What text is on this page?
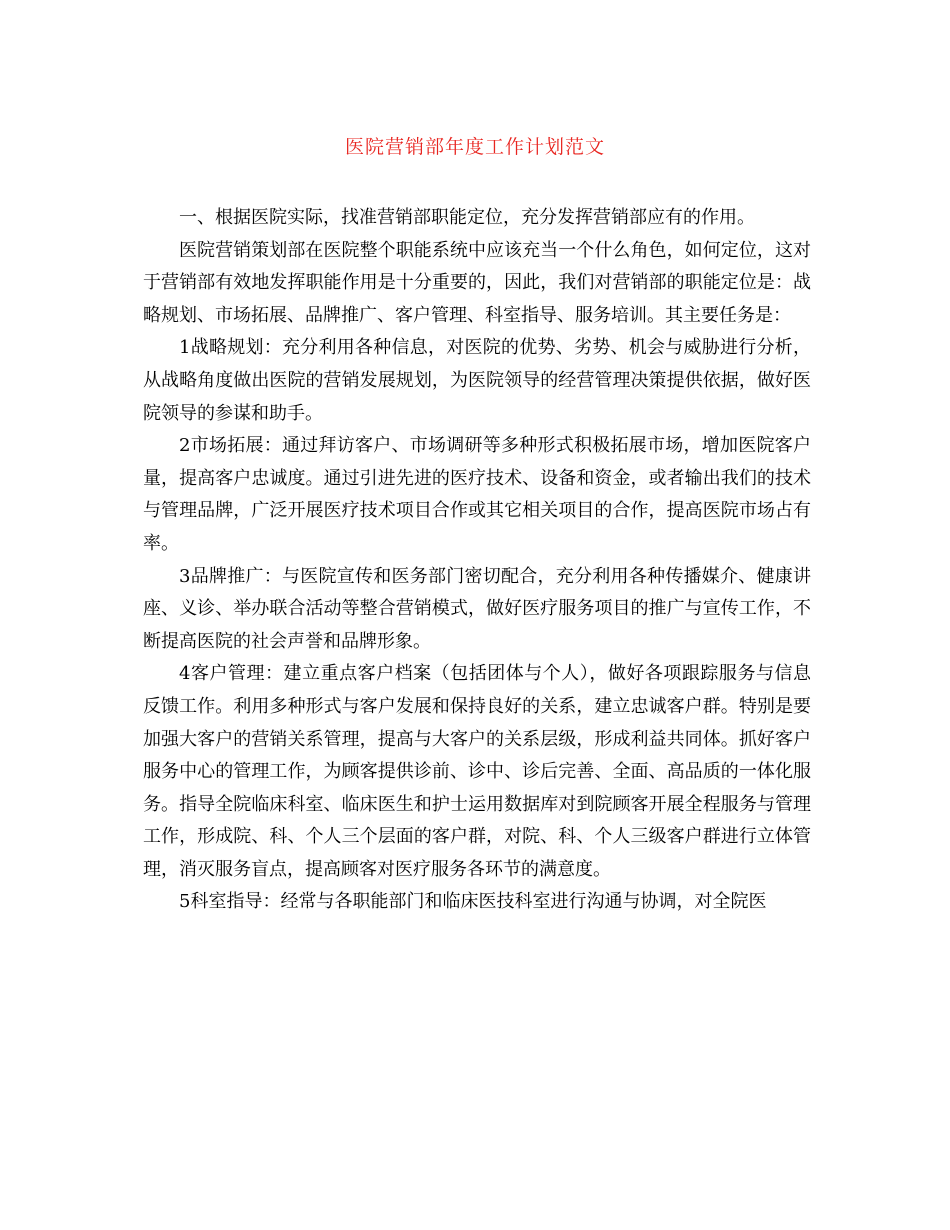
医院营销部年度工作计划范文

一、根据医院实际，找准营销部职能定位，充分发挥营销部应有的作用。

医院营销策划部在医院整个职能系统中应该充当一个什么角色，如何定位，这对于营销部有效地发挥职能作用是十分重要的，因此，我们对营销部的职能定位是：战略规划、市场拓展、品牌推广、客户管理、科室指导、服务培训。其主要任务是：

1战略规划：充分利用各种信息，对医院的优势、劣势、机会与威胁进行分析，从战略角度做出医院的营销发展规划，为医院领导的经营管理决策提供依据，做好医院领导的参谋和助手。

2市场拓展：通过拜访客户、市场调研等多种形式积极拓展市场，增加医院客户量，提高客户忠诚度。通过引进先进的医疗技术、设备和资金，或者输出我们的技术与管理品牌，广泛开展医疗技术项目合作或其它相关项目的合作，提高医院市场占有率。

3品牌推广：与医院宣传和医务部门密切配合，充分利用各种传播媒介、健康讲座、义诊、举办联合活动等整合营销模式，做好医疗服务项目的推广与宣传工作，不断提高医院的社会声誉和品牌形象。

4客户管理：建立重点客户档案（包括团体与个人），做好各项跟踪服务与信息反馈工作。利用多种形式与客户发展和保持良好的关系，建立忠诚客户群。特别是要加强大客户的营销关系管理，提高与大客户的关系层级，形成利益共同体。抓好客户服务中心的管理工作，为顾客提供诊前、诊中、诊后完善、全面、高品质的一体化服务。指导全院临床科室、临床医生和护士运用数据库对到院顾客开展全程服务与管理工作，形成院、科、个人三个层面的客户群，对院、科、个人三级客户群进行立体管理，消灭服务盲点，提高顾客对医疗服务各环节的满意度。

5科室指导：经常与各职能部门和临床医技科室进行沟通与协调，对全院医
